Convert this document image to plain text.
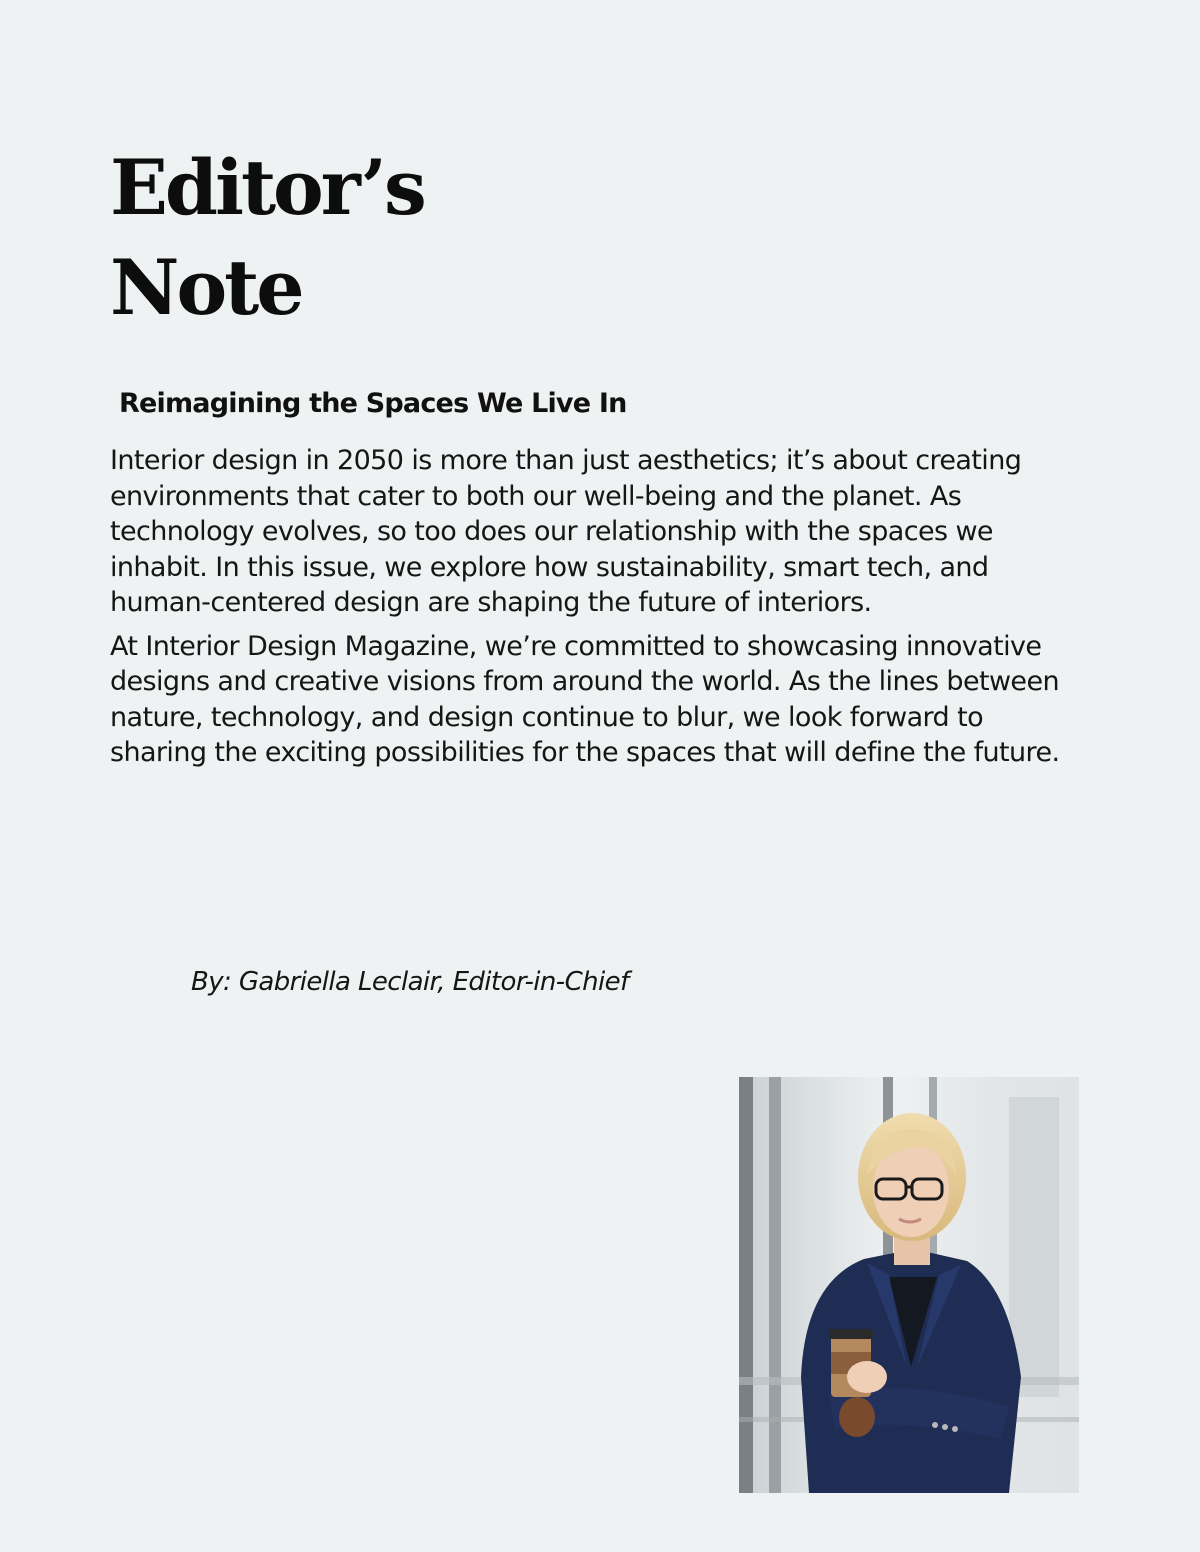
Editor’s
Note
Reimagining the Spaces We Live In

Interior design in 2050 is more than just aesthetics; it’s about creating environments that cater to both our well-being and the planet. As technology evolves, so too does our relationship with the spaces we inhabit. In this issue, we explore how sustainability, smart tech, and human-centered design are shaping the future of interiors.

At Interior Design Magazine, we’re committed to showcasing innovative designs and creative visions from around the world. As the lines between nature, technology, and design continue to blur, we look forward to sharing the exciting possibilities for the spaces that will define the future.

By: Gabriella Leclair, Editor-in-Chief
